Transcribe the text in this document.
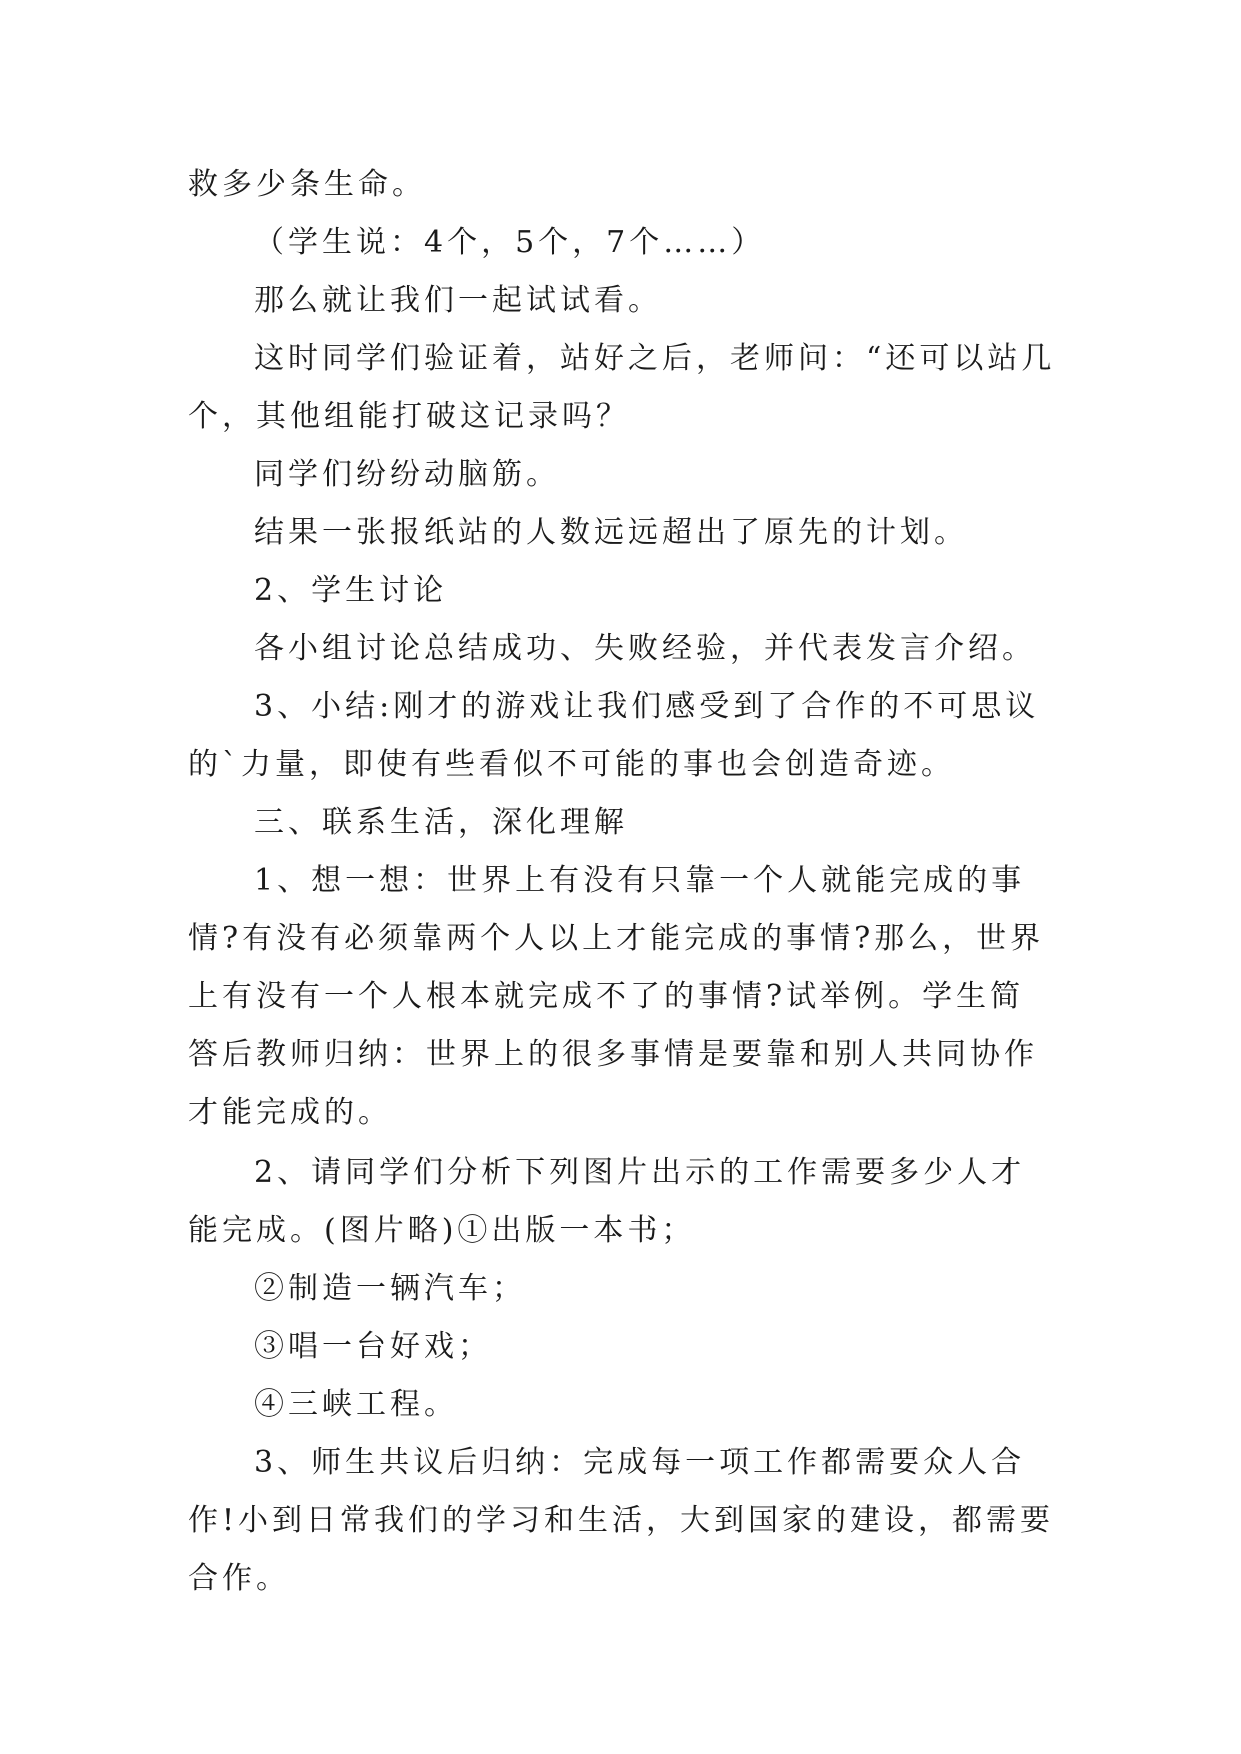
救多少条生命。

（学生说：4个，5个，7个……）

那么就让我们一起试试看。

这时同学们验证着，站好之后，老师问：“还可以站几个，其他组能打破这记录吗？

同学们纷纷动脑筋。

结果一张报纸站的人数远远超出了原先的计划。

2、学生讨论

各小组讨论总结成功、失败经验，并代表发言介绍。

3、小结:刚才的游戏让我们感受到了合作的不可思议的`力量，即使有些看似不可能的事也会创造奇迹。

三、联系生活，深化理解

1、想一想：世界上有没有只靠一个人就能完成的事情?有没有必须靠两个人以上才能完成的事情?那么，世界上有没有一个人根本就完成不了的事情?试举例。学生简答后教师归纳：世界上的很多事情是要靠和别人共同协作才能完成的。

2、请同学们分析下列图片出示的工作需要多少人才能完成。(图片略)①出版一本书；

②制造一辆汽车；

③唱一台好戏；

④三峡工程。

3、师生共议后归纳：完成每一项工作都需要众人合作!小到日常我们的学习和生活，大到国家的建设，都需要合作。
